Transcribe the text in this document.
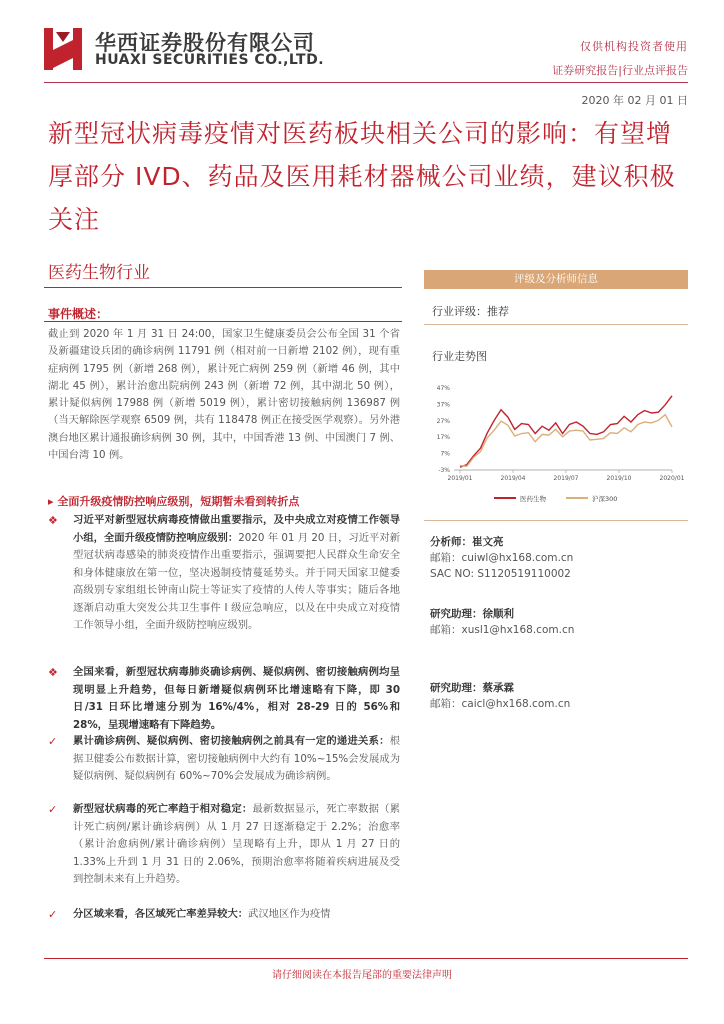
华西证券股份有限公司
HUAXI SECURITIES CO.,LTD.
仅供机构投资者使用
证券研究报告|行业点评报告
2020 年 02 月 01 日
新型冠状病毒疫情对医药板块相关公司的影响：有望增厚部分 IVD、药品及医用耗材器械公司业绩，建议积极关注
医药生物行业
事件概述：
截止到 2020 年 1 月 31 日 24:00，国家卫生健康委员会公布全国 31 个省及新疆建设兵团的确诊病例 11791 例（相对前一日新增 2102 例），现有重症病例 1795 例（新增 268 例），累计死亡病例 259 例（新增 46 例，其中湖北 45 例），累计治愈出院病例 243 例（新增 72 例，其中湖北 50 例），累计疑似病例 17988 例（新增 5019 例），累计密切接触病例 136987 例（当天解除医学观察 6509 例，共有 118478 例正在接受医学观察）。另外港澳台地区累计通报确诊病例 30 例，其中，中国香港 13 例、中国澳门 7 例、中国台湾 10 例。
▸ 全面升级疫情防控响应级别，短期暂未看到转折点
❖	习近平对新型冠状病毒疫情做出重要指示，及中央成立对疫情工作领导小组，全面升级疫情防控响应级别：2020 年 01 月 20 日，习近平对新型冠状病毒感染的肺炎疫情作出重要指示，强调要把人民群众生命安全和身体健康放在第一位，坚决遏制疫情蔓延势头。并于同天国家卫健委高级别专家组组长钟南山院士等证实了疫情的人传人等事实；随后各地逐渐启动重大突发公共卫生事件 I 级应急响应，以及在中央成立对疫情工作领导小组，全面升级防控响应级别。
❖	全国来看，新型冠状病毒肺炎确诊病例、疑似病例、密切接触病例均呈现明显上升趋势，但每日新增疑似病例环比增速略有下降，即 30 日/31 日环比增速分别为 16%/4%，相对 28-29 日的 56%和 28%，呈现增速略有下降趋势。
✓	累计确诊病例、疑似病例、密切接触病例之前具有一定的递进关系：根据卫健委公布数据计算，密切接触病例中大约有 10%~15%会发展成为疑似病例、疑似病例有 60%~70%会发展成为确诊病例。
✓	新型冠状病毒的死亡率趋于相对稳定：最新数据显示，死亡率数据（累计死亡病例/累计确诊病例）从 1 月 27 日逐渐稳定于 2.2%；治愈率（累计治愈病例/累计确诊病例）呈现略有上升，即从 1 月 27 日的 1.33%上升到 1 月 31 日的 2.06%，预期治愈率将随着疾病进展及受到控制未来有上升趋势。
✓	分区域来看，各区域死亡率差异较大：武汉地区作为疫情
评级及分析师信息
行业评级：推荐
行业走势图
-3%
7%
17%
27%
37%
47%
2019/01	2019/04	2019/07	2019/10	2020/01
医药生物	沪深300
分析师：崔文亮
邮箱：cuiwl@hx168.com.cn
SAC NO: S1120519110002
研究助理：徐顺利
邮箱：xusl1@hx168.com.cn
研究助理：蔡承霖
邮箱：caicl@hx168.com.cn
请仔细阅读在本报告尾部的重要法律声明
